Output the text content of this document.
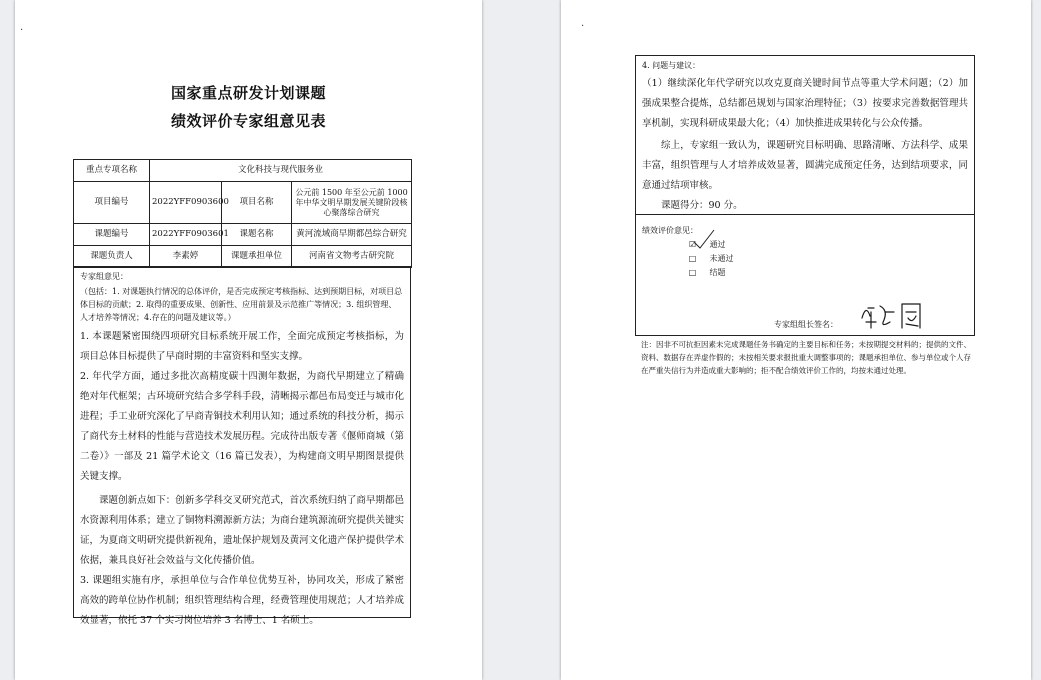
.
国家重点研发计划课题
绩效评价专家组意见表
重点专项名称	文化科技与现代服务业		
项目编号	2022YFF0903600	项目名称	公元前 1500 年至公元前 1000 年中华文明早期发展关键阶段核心聚落综合研究
课题编号	2022YFF0903601	课题名称	黄河流域商早期都邑综合研究
课题负责人	李素婷	课题承担单位	河南省文物考古研究院
专家组意见：
（包括：1. 对课题执行情况的总体评价，是否完成预定考核指标、达到预期目标，对项目总体目标的贡献；2. 取得的重要成果、创新性、应用前景及示范推广等情况；3. 组织管理、人才培养等情况；4.存在的问题及建议等。）

1. 本课题紧密围绕四项研究目标系统开展工作，全面完成预定考核指标，为项目总体目标提供了早商时期的丰富资料和坚实支撑。

2. 年代学方面，通过多批次高精度碳十四测年数据，为商代早期建立了精确绝对年代框架；古环境研究结合多学科手段，清晰揭示都邑布局变迁与城市化进程；手工业研究深化了早商青铜技术利用认知；通过系统的科技分析，揭示了商代夯土材料的性能与营造技术发展历程。完成待出版专著《偃师商城（第二卷）》一部及 21 篇学术论文（16 篇已发表），为构建商文明早期图景提供关键支撑。

课题创新点如下：创新多学科交叉研究范式，首次系统归纳了商早期都邑水资源利用体系；建立了铜物料溯源新方法；为商台建筑源流研究提供关键实证，为夏商文明研究提供新视角，遗址保护规划及黄河文化遗产保护提供学术依据，兼具良好社会效益与文化传播价值。

3. 课题组实施有序，承担单位与合作单位优势互补，协同攻关，形成了紧密高效的跨单位协作机制；组织管理结构合理，经费管理使用规范；人才培养成效显著，依托 37 个实习岗位培养 3 名博士、1 名硕士。

.
4. 问题与建议：

（1）继续深化年代学研究以攻克夏商关键时间节点等重大学术问题；（2）加强成果整合提炼，总结都邑规划与国家治理特征；（3）按要求完善数据管理共享机制，实现科研成果最大化；（4）加快推进成果转化与公众传播。

综上，专家组一致认为，课题研究目标明确、思路清晰、方法科学、成果丰富，组织管理与人才培养成效显著，圆满完成预定任务，达到结项要求，同意通过结项审核。

课题得分：90 分。

绩效评价意见：
☑ 通过
□ 未通过
□ 结题
专家组组长签名：
注：因非不可抗拒因素未完成课题任务书确定的主要目标和任务；未按期提交材料的；提供的文件、资料、数据存在弄虚作假的；未按相关要求报批重大调整事项的；课题承担单位、参与单位或个人存在严重失信行为并造成重大影响的；拒不配合绩效评价工作的，均按未通过处理。
